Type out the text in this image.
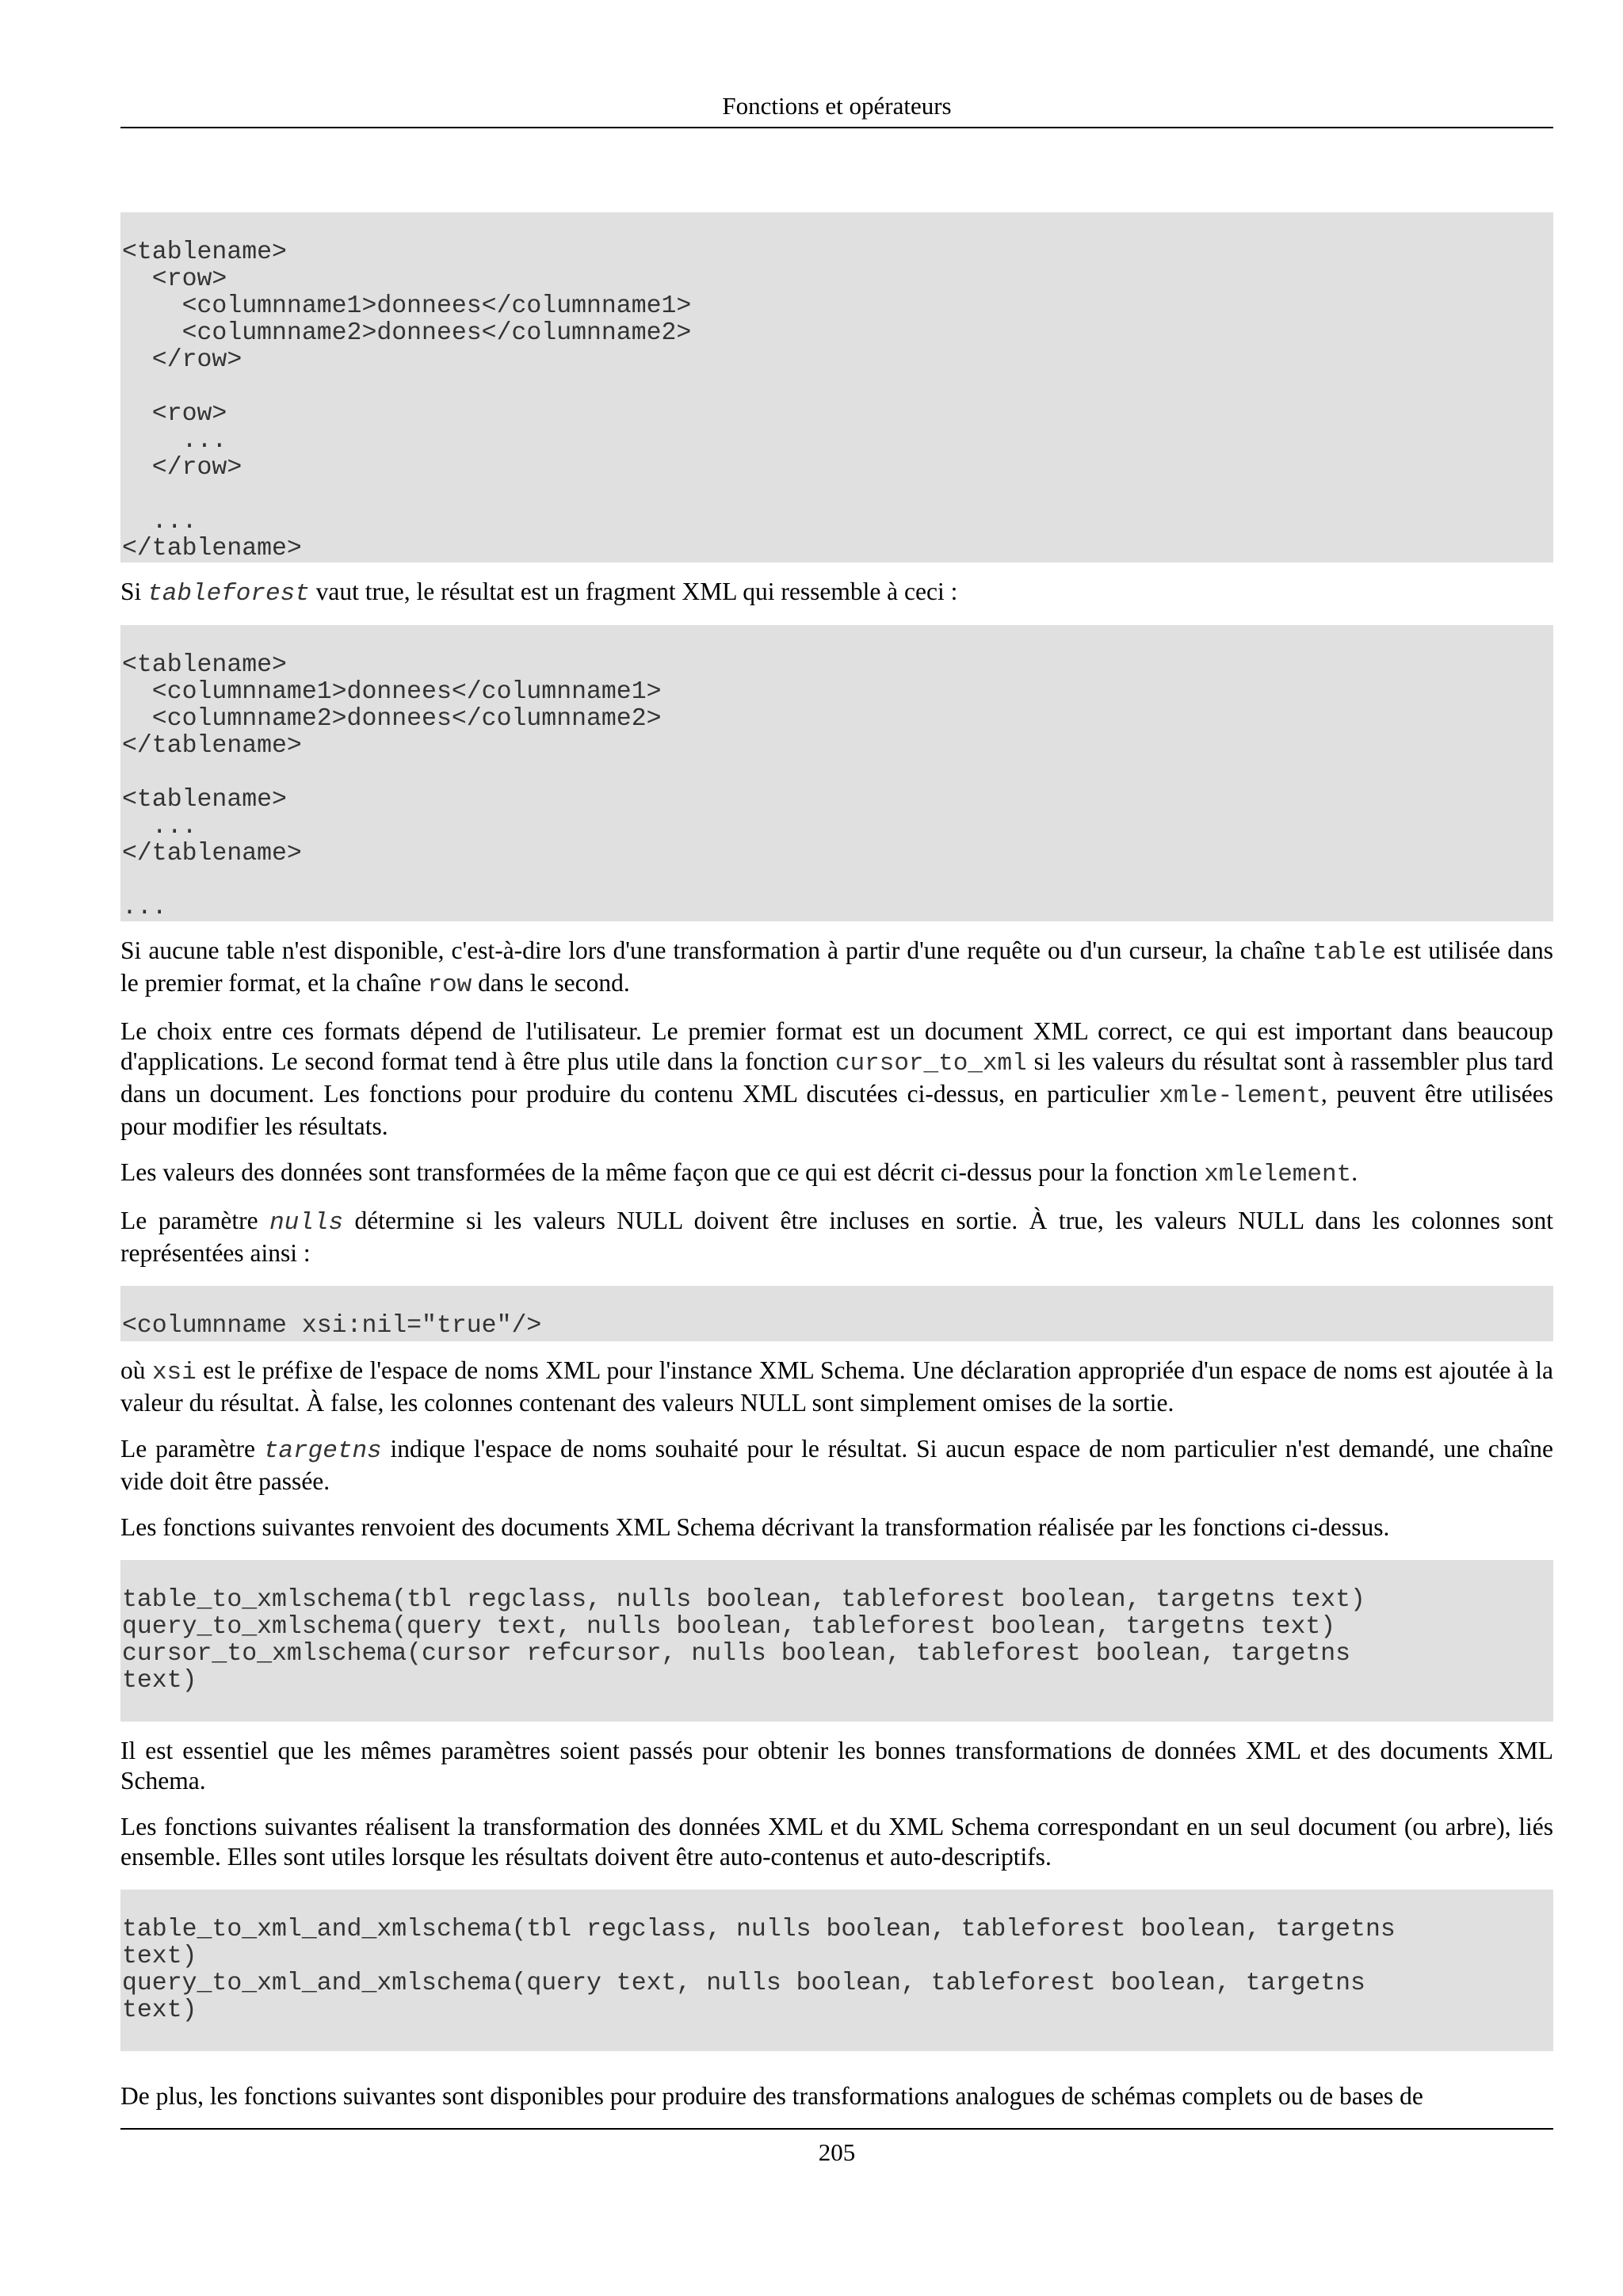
Fonctions et opérateurs
<tablename>
<row>
<columnname1>donnees</columnname1>
<columnname2>donnees</columnname2>
</row>

<row>
...
</row>

...
</tablename>

Si tableforest vaut true, le résultat est un fragment XML qui ressemble à ceci :

<tablename>
<columnname1>donnees</columnname1>
<columnname2>donnees</columnname2>
</tablename>

<tablename>
...
</tablename>

...

Si aucune table n'est disponible, c'est-à-dire lors d'une transformation à partir d'une requête ou d'un curseur, la chaîne table est utilisée dans le premier format, et la chaîne row dans le second.

Le choix entre ces formats dépend de l'utilisateur. Le premier format est un document XML correct, ce qui est important dans beaucoup d'applications. Le second format tend à être plus utile dans la fonction cursor_to_xml si les valeurs du résultat sont à rassembler plus tard dans un document. Les fonctions pour produire du contenu XML discutées ci-dessus, en particulier xmle-lement, peuvent être utilisées pour modifier les résultats.

Les valeurs des données sont transformées de la même façon que ce qui est décrit ci-dessus pour la fonction xmlelement.

Le paramètre nulls détermine si les valeurs NULL doivent être incluses en sortie. À true, les valeurs NULL dans les colonnes sont représentées ainsi :

<columnname xsi:nil="true"/>

où xsi est le préfixe de l'espace de noms XML pour l'instance XML Schema. Une déclaration appropriée d'un espace de noms est ajoutée à la valeur du résultat. À false, les colonnes contenant des valeurs NULL sont simplement omises de la sortie.

Le paramètre targetns indique l'espace de noms souhaité pour le résultat. Si aucun espace de nom particulier n'est demandé, une chaîne vide doit être passée.

Les fonctions suivantes renvoient des documents XML Schema décrivant la transformation réalisée par les fonctions ci-dessus.

table_to_xmlschema(tbl regclass, nulls boolean, tableforest boolean, targetns text)
query_to_xmlschema(query text, nulls boolean, tableforest boolean, targetns text)
cursor_to_xmlschema(cursor refcursor, nulls boolean, tableforest boolean, targetns
text)

Il est essentiel que les mêmes paramètres soient passés pour obtenir les bonnes transformations de données XML et des documents XML Schema.

Les fonctions suivantes réalisent la transformation des données XML et du XML Schema correspondant en un seul document (ou arbre), liés ensemble. Elles sont utiles lorsque les résultats doivent être auto-contenus et auto-descriptifs.

table_to_xml_and_xmlschema(tbl regclass, nulls boolean, tableforest boolean, targetns
text)
query_to_xml_and_xmlschema(query text, nulls boolean, tableforest boolean, targetns
text)

De plus, les fonctions suivantes sont disponibles pour produire des transformations analogues de schémas complets ou de bases de

205
